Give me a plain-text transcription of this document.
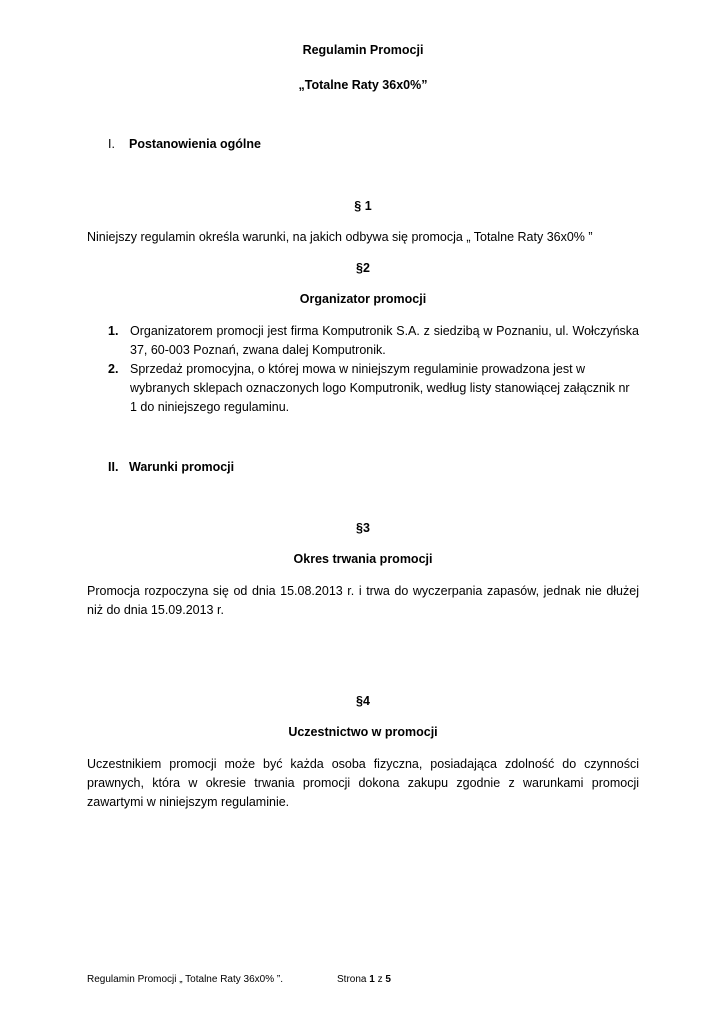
Regulamin Promocji
„Totalne Raty 36x0%”
I. Postanowienia ogólne
§ 1
Niniejszy regulamin określa warunki, na jakich odbywa się promocja „ Totalne Raty 36x0% ”
§2
Organizator promocji
1. Organizatorem promocji jest firma Komputronik S.A. z siedzibą w Poznaniu, ul. Wołczyńska 37, 60-003 Poznań, zwana dalej Komputronik.
2. Sprzedaż promocyjna, o której mowa w niniejszym regulaminie prowadzona jest w wybranych sklepach oznaczonych logo Komputronik, według listy stanowiącej załącznik nr 1 do niniejszego regulaminu.
II. Warunki promocji
§3
Okres trwania promocji
Promocja rozpoczyna się od dnia 15.08.2013 r. i trwa do wyczerpania zapasów, jednak nie dłużej niż do dnia 15.09.2013 r.
§4
Uczestnictwo w promocji
Uczestnikiem promocji może być każda osoba fizyczna, posiadająca zdolność do czynności prawnych, która w okresie trwania promocji dokona zakupu zgodnie z warunkami promocji zawartymi w niniejszym regulaminie.
Regulamin Promocji „ Totalne Raty 36x0% ”.	Strona 1 z 5
